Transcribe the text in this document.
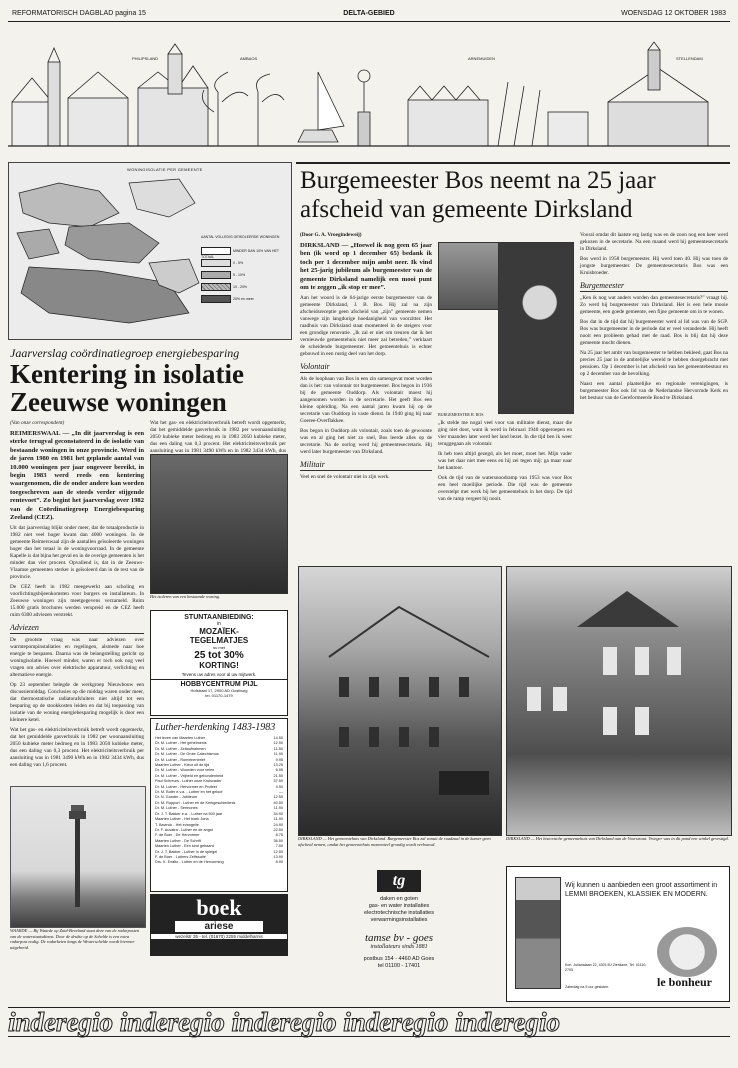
REFORMATORISCH DAGBLAD pagina 15	DELTA-GEBIED	WOENSDAG 12 OKTOBER 1983
PHILIPSLAND	AMBAOS	ARNEMUIDEN	STELLENDAM
WONINGISOLATIE PER GEMEENTE
AANTAL VOLLEDIG GEÏSOLEERDE WONINGEN
MINDER DAN 10% VAN HET TOTAAL
0 - 5%
5 - 10%
10 - 20%
20% en meer
Jaarverslag coördinatiegroep energiebesparing
Kentering in isolatie Zeeuwse woningen

(Van onze correspondent)

REIMERSWAAL — „In dit jaarverslag is een sterke terugval geconstateerd in de isolatie van bestaande woningen in onze provincie. Werd in de jaren 1980 en 1981 het geplande aantal van 10.000 woningen per jaar ongeveer bereikt, in begin 1983 werd reeds een kentering waargenomen, die de onder andere kan worden toegeschreven aan de steeds verder stijgende rentevoet”. Zo begint het jaarverslag over 1982 van de Coördinatiegroep Energiebesparing Zeeland (CEZ).

Uit dat jaarverslag blijkt onder meer, dat de totaalproductie in 1982 niet veel hoger kwam dan 4000 woningen. In de gemeente Reimerswaal zijn de aantallen geïsoleerde woningen hoger dan het totaal in de woningvoorraad. In de gemeente Kapelle is dat bijna het geval en in de overige gemeenten is het minder dan vier procent. Opvallend is, dat in de Zeeuws-Vlaamse gemeenten sterker is geïsoleerd dan in de rest van de provincie.

De CEZ heeft in 1982 meegewerkt aan scholing en voorlichtingsbijeenkomsten voor burgers en installateurs. In Zeeuwse woningen zijn meetgegevens verzameld. Ruim 15.000 gratis brochures werden verspreid en de CEZ heeft ruim 6300 adviezen verstrekt.

Adviezen

De grootste vraag was naar adviezen over warmtepompinstallaties en regelingen, alsmede naar hoe energie te besparen. Daarna was de belangstelling gericht op woningisolatie. Hoewel minder, waren er toch ook nog veel vragen om advies over elektrische apparatuur, verlichting en alternatieve energie.

Op 23 september belegde de werkgroep Nieuwbouw een discussiemiddag. Conclusies op die middag waren onder meer, dat thermostatische radiatorafsluiters niet altijd tot een besparing op de stookkosten leiden en dat bij toepassing van isolatie van de woning energiebesparing mogelijk is door een kleinere ketel.

Wat het gas- en elektriciteitsverbruik betreft wordt opgemerkt, dat het gemiddelde gasverbruik in 1982 per woonaansluiting 2050 kubieke meter bedroeg en in 1983 2050 kubieke meter, dus een daling van 0,3 procent. Het elektriciteitsverbruik per aansluiting was in 1981 3490 kWh en in 1982 3434 kWh, dus een daling van 1,6 procent.

Wat het gas- en elektriciteitsverbruik betreft wordt opgemerkt, dat het gemiddelde gasverbruik in 1982 per woonaansluiting 2050 kubieke meter bedroeg en in 1983 2050 kubieke meter, dus een daling van 0,3 procent. Het elektriciteitsverbruik per aansluiting was in 1981 3490 kWh en in 1982 3434 kWh, dus

Het isoleren van een bestaande woning.
STUNTAANBIEDING:
in
MOZAÏEK-
TEGELMATJES
nu met
25 tot 30%
KORTING!
Tevens uw adres voor al uw mijtwerk.
HOBBYCENTRUM PIJL
Hofstraat 17, 2900 AD Oostburg
tel. 01170-1479
Luther-herdenking 1483-1983
Het leven van Maarten Luther	14.50
Dr. M. Luther - Het geheimenis	12.90
Dr. M. Luther - Zeitaufnahmen	11.50
Dr. M. Luther - De Grote Catechismus	11.90
Dr. M. Luther - Romeinenbrief	9.95
Maarten Luther - Kleur uit de tijd	13.25
Dr. M. Luther - Woorden voor velen	6.95
Dr. M. Luther - Vrijheid en gebondenheid	21.50
Paul Schreurs - Luther onze Kruisvader	37.50
Dr. M. Luther - Hervormer en Profeet	4.90
Dr. M. Buter e.v.a. - Luther en het geloof	—
Dr. N. Gunder - Jubileum	12.50
Dr. M. Rupport - Luther en de Kerkgeschiedenis	40.50
Dr. M. Luther - Sermones	11.90
Dr. J. T. Bakker e.a. - Luther na 500 jaar	34.90
Maarten Luther - Het boek Jona	11.90
T. Bavinck - Het evangelie	24.90
Dr. F. Auvatra - Luther en de angst	22.50
F. de Boer - De Hervormer	8.75
Maarten Luther - De Schrift	36.50
Maarten Luther - Een kind gebaard	7.50
Dr. J. T. Bakker - Luther in de spiegel	12.50
F. de Boer - Luthers Zelfstudie	13.90
Drs. K. Exalto - Luther en de Hervorming	8.90
boek
ariese
wezelstr 35 - tel. (01670) 2255 middelharnis
WAARDE — Bij Waarde op Zuid-Beveland staat deze van de radarposten van de waterstaatsdienst. Door de drukte op de Schelde is een extra radarpost nodig. De radarketen langs de Westerschelde wordt hiermee uitgebreid.
Burgemeester Bos neemt na 25 jaar afscheid van gemeente Dirksland

(Door G. A. Vroegindeweij)

DIRKSLAND — „Hoewel ik nog geen 65 jaar ben (ik word op 1 december 65) bedank ik toch per 1 december mijn ambt neer. Ik vind het 25-jarig jubileum als burgemeester van de gemeente Dirksland namelijk een mooi punt om te zeggen „ik stop er mee”.

Aan het woord is de 64-jarige eerste burgemeester van de gemeente Dirksland, J. B. Bos. Hij zal na zijn afscheidsreceptie geen afscheid van „zijn” gemeente nemen vanwege zijn langdurige hoedanigheid van voorzitter. Het raadhuis van Dirksland staat momenteel in de steigers voor een grondige renovatie. „Ik zal er niet om treuren dat ik het vernieuwde gemeentehuis niet meer zal betreden,” verklaart de scheidende burgemeester. Het gemeentehuis is echter gebouwd in een rustig deel van het dorp.

Volontair

Als de loopbaan van Bos in een zin samengevat moet worden dan is het: van volontair tot burgemeester. Bos begon in 1936 bij de gemeente Ouddorp. Als volontair moest hij aangenomen worden in de secretarie. Het geeft Bos een kleine opleiding. Na een aantal jaren kwam hij op de secretarie van Ouddorp in vaste dienst. In 1940 ging hij naar Goeree-Overflakkee.

Bos begon in Ouddorp als volontair, zoals toen de gewoonte was en al ging het niet zo snel, Bos leerde alles op de secretarie. Na de oorlog werd hij gemeentesecretaris. Hij werd later burgemeester van Dirksland.

Militair

Veel en snel de volontair niet in zijn werk.

BURGEMEESTER H. BOS

„Ik stelde me nogal veel voor van militaire dienst, maar die ging niet door, want ik werd in februari 1940 opgeroepen en vier maanden later werd het land bezet. In die tijd ben ik weer teruggegaan als volontair.

Ik heb toen altijd gezegd, als het moet, moet het. Mijn vader was het daar niet mee eens en hij zei tegen mij: ga maar naar het kantoor.

Ook de tijd van de watersnoodramp van 1953 was voor Bos een heel moeilijke periode. Die tijd was de gemeente overstelpt met werk bij het gemeentehuis in het dorp. De tijd van de ramp vergeet hij nooit.

Vooral omdat dit laatste erg lastig was en de zoon nog een keer werd gekozen in de secretarie. Na een maand werd hij gemeentesecretaris in Dirksland.

Bos werd in 1958 burgemeester. Hij werd toen 40. Hij was toen de jongste burgemeester. De gemeentesecretaris Bos was een Kruisbroeder.

Burgemeester

„Ken ik nog wat anders worden dan gemeentesecretaris?” vraagt hij. Zo werd hij burgemeester van Dirksland. Het is een hele mooie gemeente, een goede gemeente, een fijne gemeente om in te wonen.

Bos dat in de tijd dat hij burgemeester werd al lid was van de SGP. Bos was burgemeester in de periode dat er veel veranderde. Hij heeft nooit een probleem gehad met de raad. Bos is blij dat hij deze gemeente mocht dienen.

Na 25 jaar het ambt van burgemeester te hebben bekleed, gaat Bos na precies 25 jaar in de ambtelijke wereld te hebben doorgebracht met pensioen. Op 1 december is het afscheid van het gemeentebestuur en op 2 december van de bevolking.

Naast een aantal plaatselijke en regionale verenigingen, is burgemeester Bos ook lid van de Nederlandse Hervormde Kerk en het bestuur van de Gereformeerde Bond te Dirksland.

DIRKSLAND — Het gemeentehuis van Dirksland. Burgemeester Bos zal vanuit de raadzaal in de kamer geen afscheid nemen, omdat het gemeentehuis momenteel grondig wordt verbouwd.
DIRKSLAND — Het historische gemeentehuis van Dirksland aan de Voorstraat. Vroeger was in dit pand een winkel gevestigd.
tg
daken en goten
gas- en water installaties
electrotechnische installaties
verwarmingsinstallaties
tamse bv - goes
installateurs sinds 1881
postbus 154 - 4460 AD Goes
tel 01100 - 17401
Wij kunnen u aanbieden een groot assortiment in LEMMI BROEKEN, KLASSIEK EN MODERN.
le bonheur
Kon. Julianalaan 22, 4301 BJ Zierikzee, Tel. 01110-2705
Zaterdag na 5 uur gesloten.
inderegio inderegio inderegio inderegio inderegio
